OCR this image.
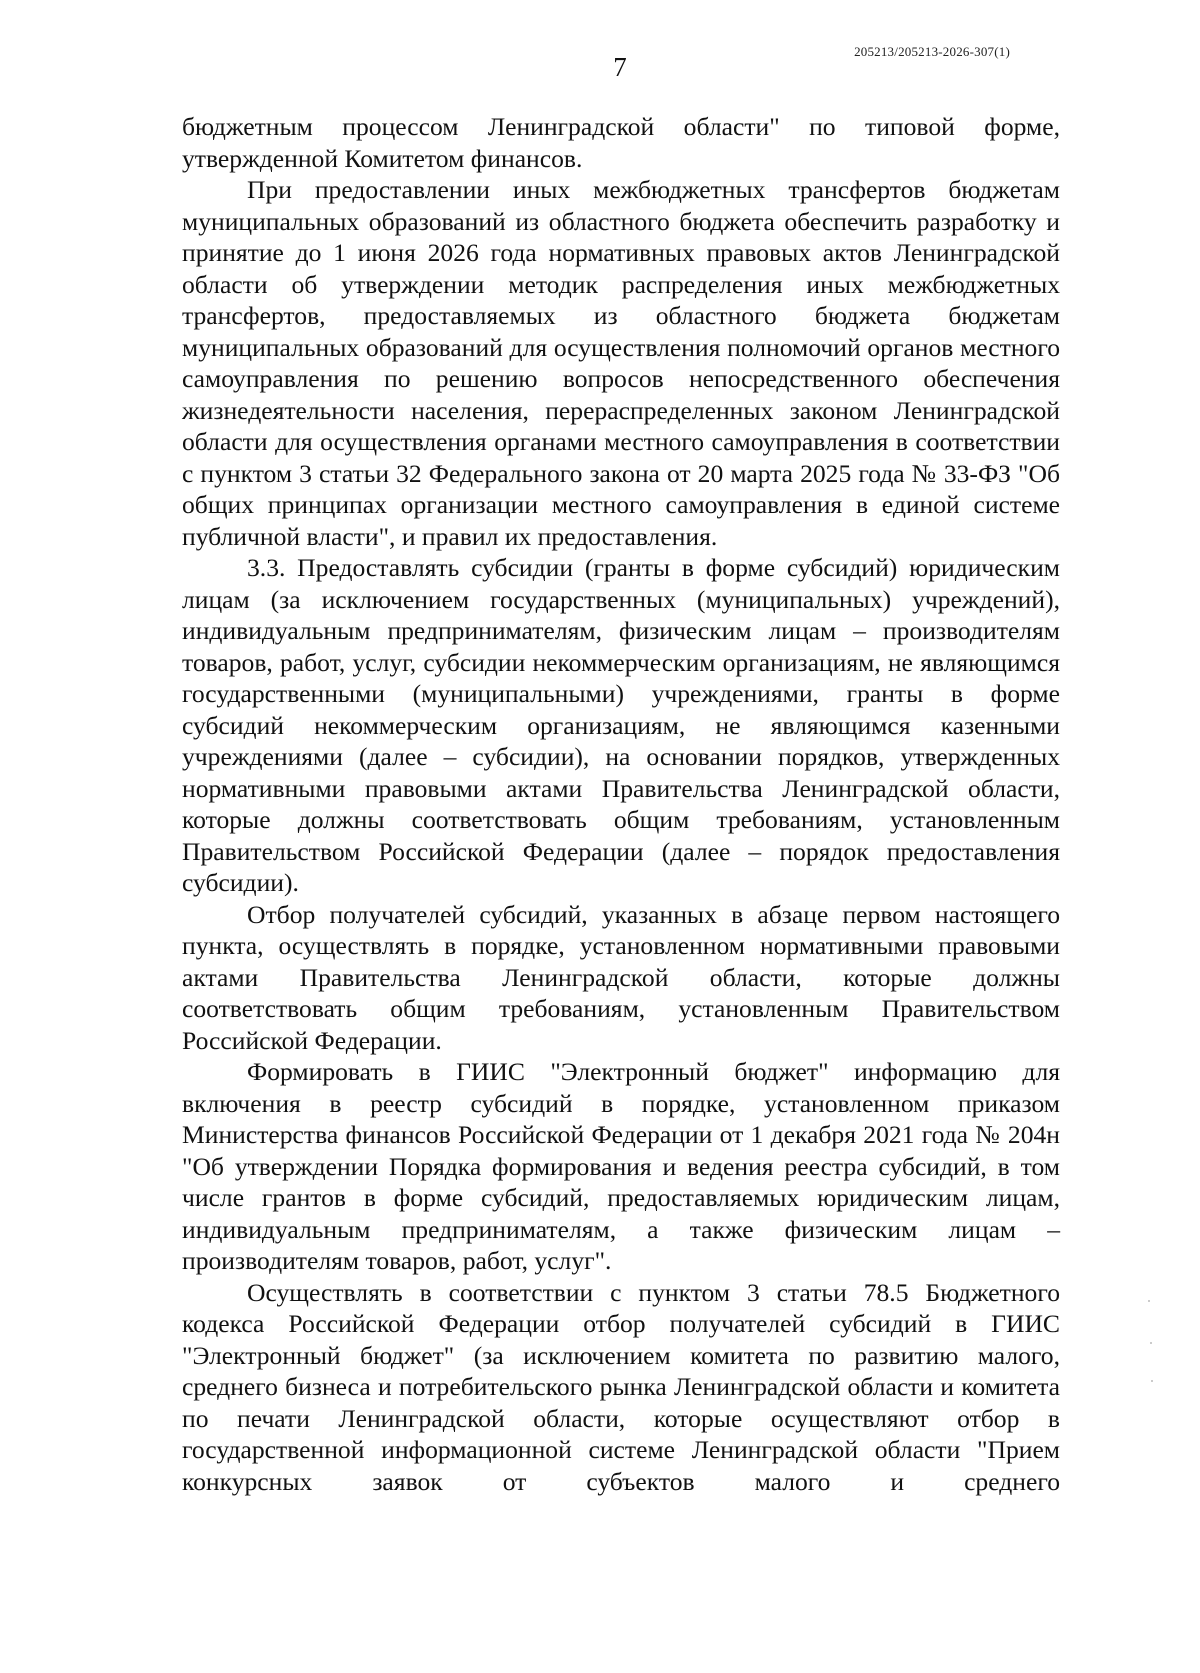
205213/205213-2026-307(1)
7

бюджетным процессом Ленинградской области" по типовой форме, утвержденной Комитетом финансов.

При предоставлении иных межбюджетных трансфертов бюджетам муниципальных образований из областного бюджета обеспечить разработку и принятие до 1 июня 2026 года нормативных правовых актов Ленинградской области об утверждении методик распределения иных межбюджетных трансфертов, предоставляемых из областного бюджета бюджетам муниципальных образований для осуществления полномочий органов местного самоуправления по решению вопросов непосредственного обеспечения жизнедеятельности населения, перераспределенных законом Ленинградской области для осуществления органами местного самоуправления в соответствии с пунктом 3 статьи 32 Федерального закона от 20 марта 2025 года № 33-ФЗ "Об общих принципах организации местного самоуправления в единой системе публичной власти", и правил их предоставления.

3.3. Предоставлять субсидии (гранты в форме субсидий) юридическим лицам (за исключением государственных (муниципальных) учреждений), индивидуальным предпринимателям, физическим лицам – производителям товаров, работ, услуг, субсидии некоммерческим организациям, не являющимся государственными (муниципальными) учреждениями, гранты в форме субсидий некоммерческим организациям, не являющимся казенными учреждениями (далее – субсидии), на основании порядков, утвержденных нормативными правовыми актами Правительства Ленинградской области, которые должны соответствовать общим требованиям, установленным Правительством Российской Федерации (далее – порядок предоставления субсидии).

Отбор получателей субсидий, указанных в абзаце первом настоящего пункта, осуществлять в порядке, установленном нормативными правовыми актами Правительства Ленинградской области, которые должны соответствовать общим требованиям, установленным Правительством Российской Федерации.

Формировать в ГИИС "Электронный бюджет" информацию для включения в реестр субсидий в порядке, установленном приказом Министерства финансов Российской Федерации от 1 декабря 2021 года № 204н "Об утверждении Порядка формирования и ведения реестра субсидий, в том числе грантов в форме субсидий, предоставляемых юридическим лицам, индивидуальным предпринимателям, а также физическим лицам – производителям товаров, работ, услуг".

Осуществлять в соответствии с пунктом 3 статьи 78.5 Бюджетного кодекса Российской Федерации отбор получателей субсидий в ГИИС "Электронный бюджет" (за исключением комитета по развитию малого, среднего бизнеса и потребительского рынка Ленинградской области и комитета по печати Ленинградской области, которые осуществляют отбор в государственной информационной системе Ленинградской области "Прием конкурсных заявок от субъектов малого и среднего
